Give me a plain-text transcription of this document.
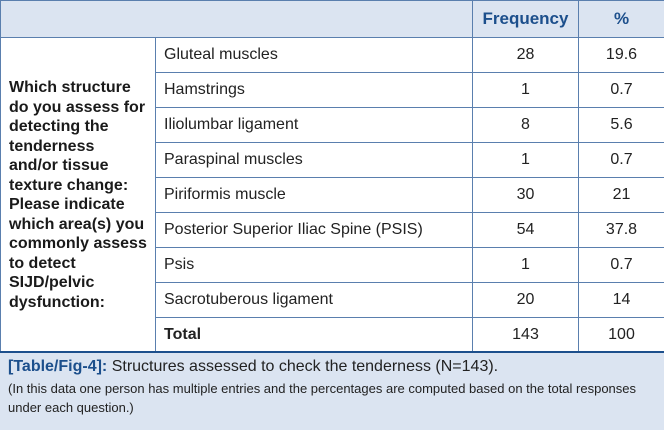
		Frequency	%
Which structure do you assess for detecting the tenderness and/or tissue texture change: Please indicate which area(s) you commonly assess to detect SIJD/pelvic dysfunction:	Gluteal muscles	28	19.6
	Hamstrings	1	0.7
	Iliolumbar ligament	8	5.6
	Paraspinal muscles	1	0.7
	Piriformis muscle	30	21
	Posterior Superior Iliac Spine (PSIS)	54	37.8
	Psis	1	0.7
	Sacrotuberous ligament	20	14
	Total	143	100
[Table/Fig-4]: Structures assessed to check the tenderness (N=143).
(In this data one person has multiple entries and the percentages are computed based on the total responses under each question.)
